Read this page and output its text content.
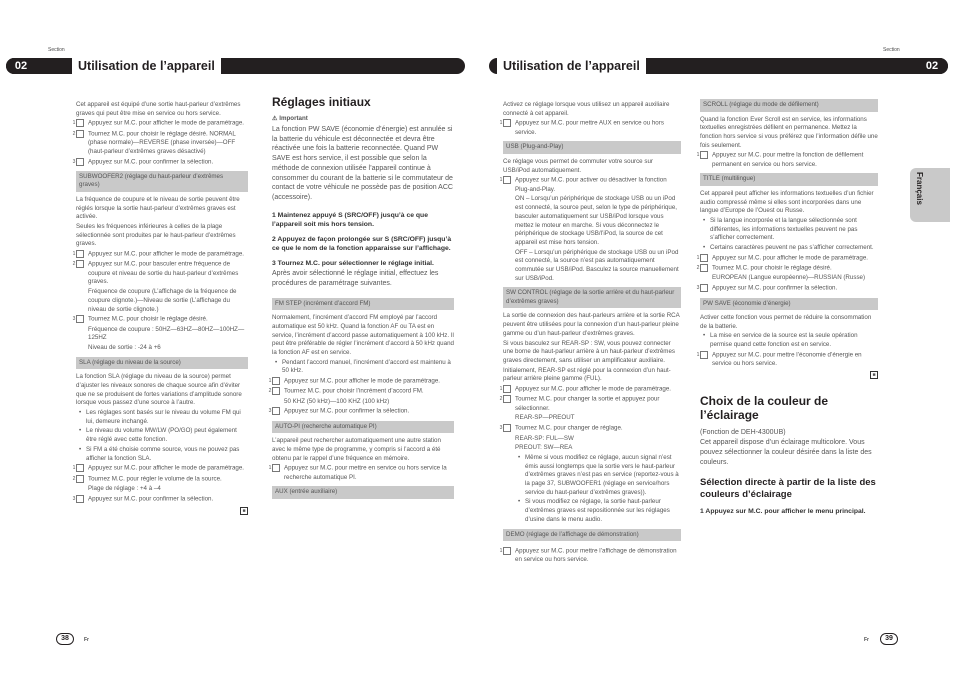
Section
02	Utilisation de l’appareil
Section
02
Utilisation de l’appareil
Français

Cet appareil est équipé d’une sortie haut-parleur d’extrêmes graves qui peut être mise en service ou hors service.

1 Appuyez sur M.C. pour afficher le mode de paramétrage.

2 Tournez M.C. pour choisir le réglage désiré. NORMAL (phase normale)—REVERSE (phase inversée)—OFF (haut-parleur d’extrêmes graves désactivé)

3 Appuyez sur M.C. pour confirmer la sélection.

SUBWOOFER2 (réglage du haut-parleur d’extrêmes graves)

La fréquence de coupure et le niveau de sortie peuvent être réglés lorsque la sortie haut-parleur d’extrêmes graves est activée.

Seules les fréquences inférieures à celles de la plage sélectionnée sont produites par le haut-parleur d’extrêmes graves.

1 Appuyez sur M.C. pour afficher le mode de paramétrage.

2 Appuyez sur M.C. pour basculer entre fréquence de coupure et niveau de sortie du haut-parleur d’extrêmes graves.

Fréquence de coupure (L’affichage de la fréquence de coupure clignote.)—Niveau de sortie (L’affichage du niveau de sortie clignote.)

3 Tournez M.C. pour choisir le réglage désiré.

Fréquence de coupure : 50HZ—63HZ—80HZ—100HZ—125HZ

Niveau de sortie : -24 à +6

SLA (réglage du niveau de la source)

La fonction SLA (réglage du niveau de la source) permet d’ajuster les niveaux sonores de chaque source afin d’éviter que ne se produisent de fortes variations d’amplitude sonore lorsque vous passez d’une source à l’autre.

• Les réglages sont basés sur le niveau du volume FM qui lui, demeure inchangé.

• Le niveau du volume MW/LW (PO/GO) peut également être réglé avec cette fonction.

• Si FM a été choisie comme source, vous ne pouvez pas afficher la fonction SLA.

1 Appuyez sur M.C. pour afficher le mode de paramétrage.

2 Tournez M.C. pour régler le volume de la source.

Plage de réglage : +4 à –4

3 Appuyez sur M.C. pour confirmer la sélection.

■
Réglages initiaux

⚠ Important

La fonction PW SAVE (économie d’énergie) est annulée si la batterie du véhicule est déconnectée et devra être réactivée une fois la batterie reconnectée. Quand PW SAVE est hors service, il est possible que selon la méthode de connexion utilisée l’appareil continue à consommer du courant de la batterie si le commutateur de contact de votre véhicule ne possède pas de position ACC (accessoire).

1 Maintenez appuyé S (SRC/OFF) jusqu’à ce que l’appareil soit mis hors tension.

2 Appuyez de façon prolongée sur S (SRC/OFF) jusqu’à ce que le nom de la fonction apparaisse sur l’affichage.

3 Tournez M.C. pour sélectionner le réglage initial.

Après avoir sélectionné le réglage initial, effectuez les procédures de paramétrage suivantes.

FM STEP (incrément d’accord FM)

Normalement, l’incrément d’accord FM employé par l’accord automatique est 50 kHz. Quand la fonction AF ou TA est en service, l’incrément d’accord passe automatiquement à 100 kHz. Il peut être préférable de régler l’incrément d’accord à 50 kHz quand la fonction AF est en service.

• Pendant l’accord manuel, l’incrément d’accord est maintenu à 50 kHz.

1 Appuyez sur M.C. pour afficher le mode de paramétrage.

2 Tournez M.C. pour choisir l’incrément d’accord FM.

50 KHZ (50 kHz)—100 KHZ (100 kHz)

3 Appuyez sur M.C. pour confirmer la sélection.

AUTO-PI (recherche automatique PI)

L’appareil peut rechercher automatiquement une autre station avec le même type de programme, y compris si l’accord a été obtenu par le rappel d’une fréquence en mémoire.

1 Appuyez sur M.C. pour mettre en service ou hors service la recherche automatique PI.

AUX (entrée auxiliaire)

Activez ce réglage lorsque vous utilisez un appareil auxiliaire connecté à cet appareil.

1 Appuyez sur M.C. pour mettre AUX en service ou hors service.

USB (Plug-and-Play)

Ce réglage vous permet de commuter votre source sur USB/iPod automatiquement.

1 Appuyez sur M.C. pour activer ou désactiver la fonction Plug-and-Play.

ON – Lorsqu’un périphérique de stockage USB ou un iPod est connecté, la source peut, selon le type de périphérique, basculer automatiquement sur USB/iPod lorsque vous mettez le moteur en marche. Si vous déconnectez le périphérique de stockage USB/l’iPod, la source de cet appareil est mise hors tension.

OFF – Lorsqu’un périphérique de stockage USB ou un iPod est connecté, la source n’est pas automatiquement commutée sur USB/iPod. Basculez la source manuellement sur USB/iPod.

SW CONTROL (réglage de la sortie arrière et du haut-parleur d’extrêmes graves)

La sortie de connexion des haut-parleurs arrière et la sortie RCA peuvent être utilisées pour la connexion d’un haut-parleur pleine gamme ou d’un haut-parleur d’extrêmes graves.

Si vous basculez sur REAR-SP : SW, vous pouvez connecter une borne de haut-parleur arrière à un haut-parleur d’extrêmes graves directement, sans utiliser un amplificateur auxiliaire.

Initialement, REAR-SP est réglé pour la connexion d’un haut-parleur arrière pleine gamme (FUL).

1 Appuyez sur M.C. pour afficher le mode de paramétrage.

2 Tournez M.C. pour changer la sortie et appuyez pour sélectionner.

REAR-SP—PREOUT

3 Tournez M.C. pour changer de réglage.

REAR-SP: FUL—SW

PREOUT: SW—REA

• Même si vous modifiez ce réglage, aucun signal n’est émis aussi longtemps que la sortie vers le haut-parleur d’extrêmes graves n’est pas en service (reportez-vous à la page 37, SUBWOOFER1 (réglage en service/hors service du haut-parleur d’extrêmes graves)).

• Si vous modifiez ce réglage, la sortie haut-parleur d’extrêmes graves est repositionnée sur les réglages d’usine dans le menu audio.

DEMO (réglage de l’affichage de démonstration)

1 Appuyez sur M.C. pour mettre l’affichage de démonstration en service ou hors service.

SCROLL (réglage du mode de défilement)

Quand la fonction Ever Scroll est en service, les informations textuelles enregistrées défilent en permanence. Mettez la fonction hors service si vous préférez que l’information défile une fois seulement.

1 Appuyez sur M.C. pour mettre la fonction de défilement permanent en service ou hors service.

TITLE (multilingue)

Cet appareil peut afficher les informations textuelles d’un fichier audio compressé même si elles sont incorporées dans une langue d’Europe de l’Ouest ou Russe.

• Si la langue incorporée et la langue sélectionnée sont différentes, les informations textuelles peuvent ne pas s’afficher correctement.

• Certains caractères peuvent ne pas s’afficher correctement.

1 Appuyez sur M.C. pour afficher le mode de paramétrage.

2 Tournez M.C. pour choisir le réglage désiré.

EUROPEAN (Langue européenne)—RUSSIAN (Russe)

3 Appuyez sur M.C. pour confirmer la sélection.

PW SAVE (économie d’énergie)

Activer cette fonction vous permet de réduire la consommation de la batterie.

• La mise en service de la source est la seule opération permise quand cette fonction est en service.

1 Appuyez sur M.C. pour mettre l’économie d’énergie en service ou hors service.

■
Choix de la couleur de l’éclairage

(Fonction de DEH-4300UB)

Cet appareil dispose d’un éclairage multicolore. Vous pouvez sélectionner la couleur désirée dans la liste des couleurs.

Sélection directe à partir de la liste des couleurs d’éclairage

1 Appuyez sur M.C. pour afficher le menu principal.

38	Fr	39
Fr
